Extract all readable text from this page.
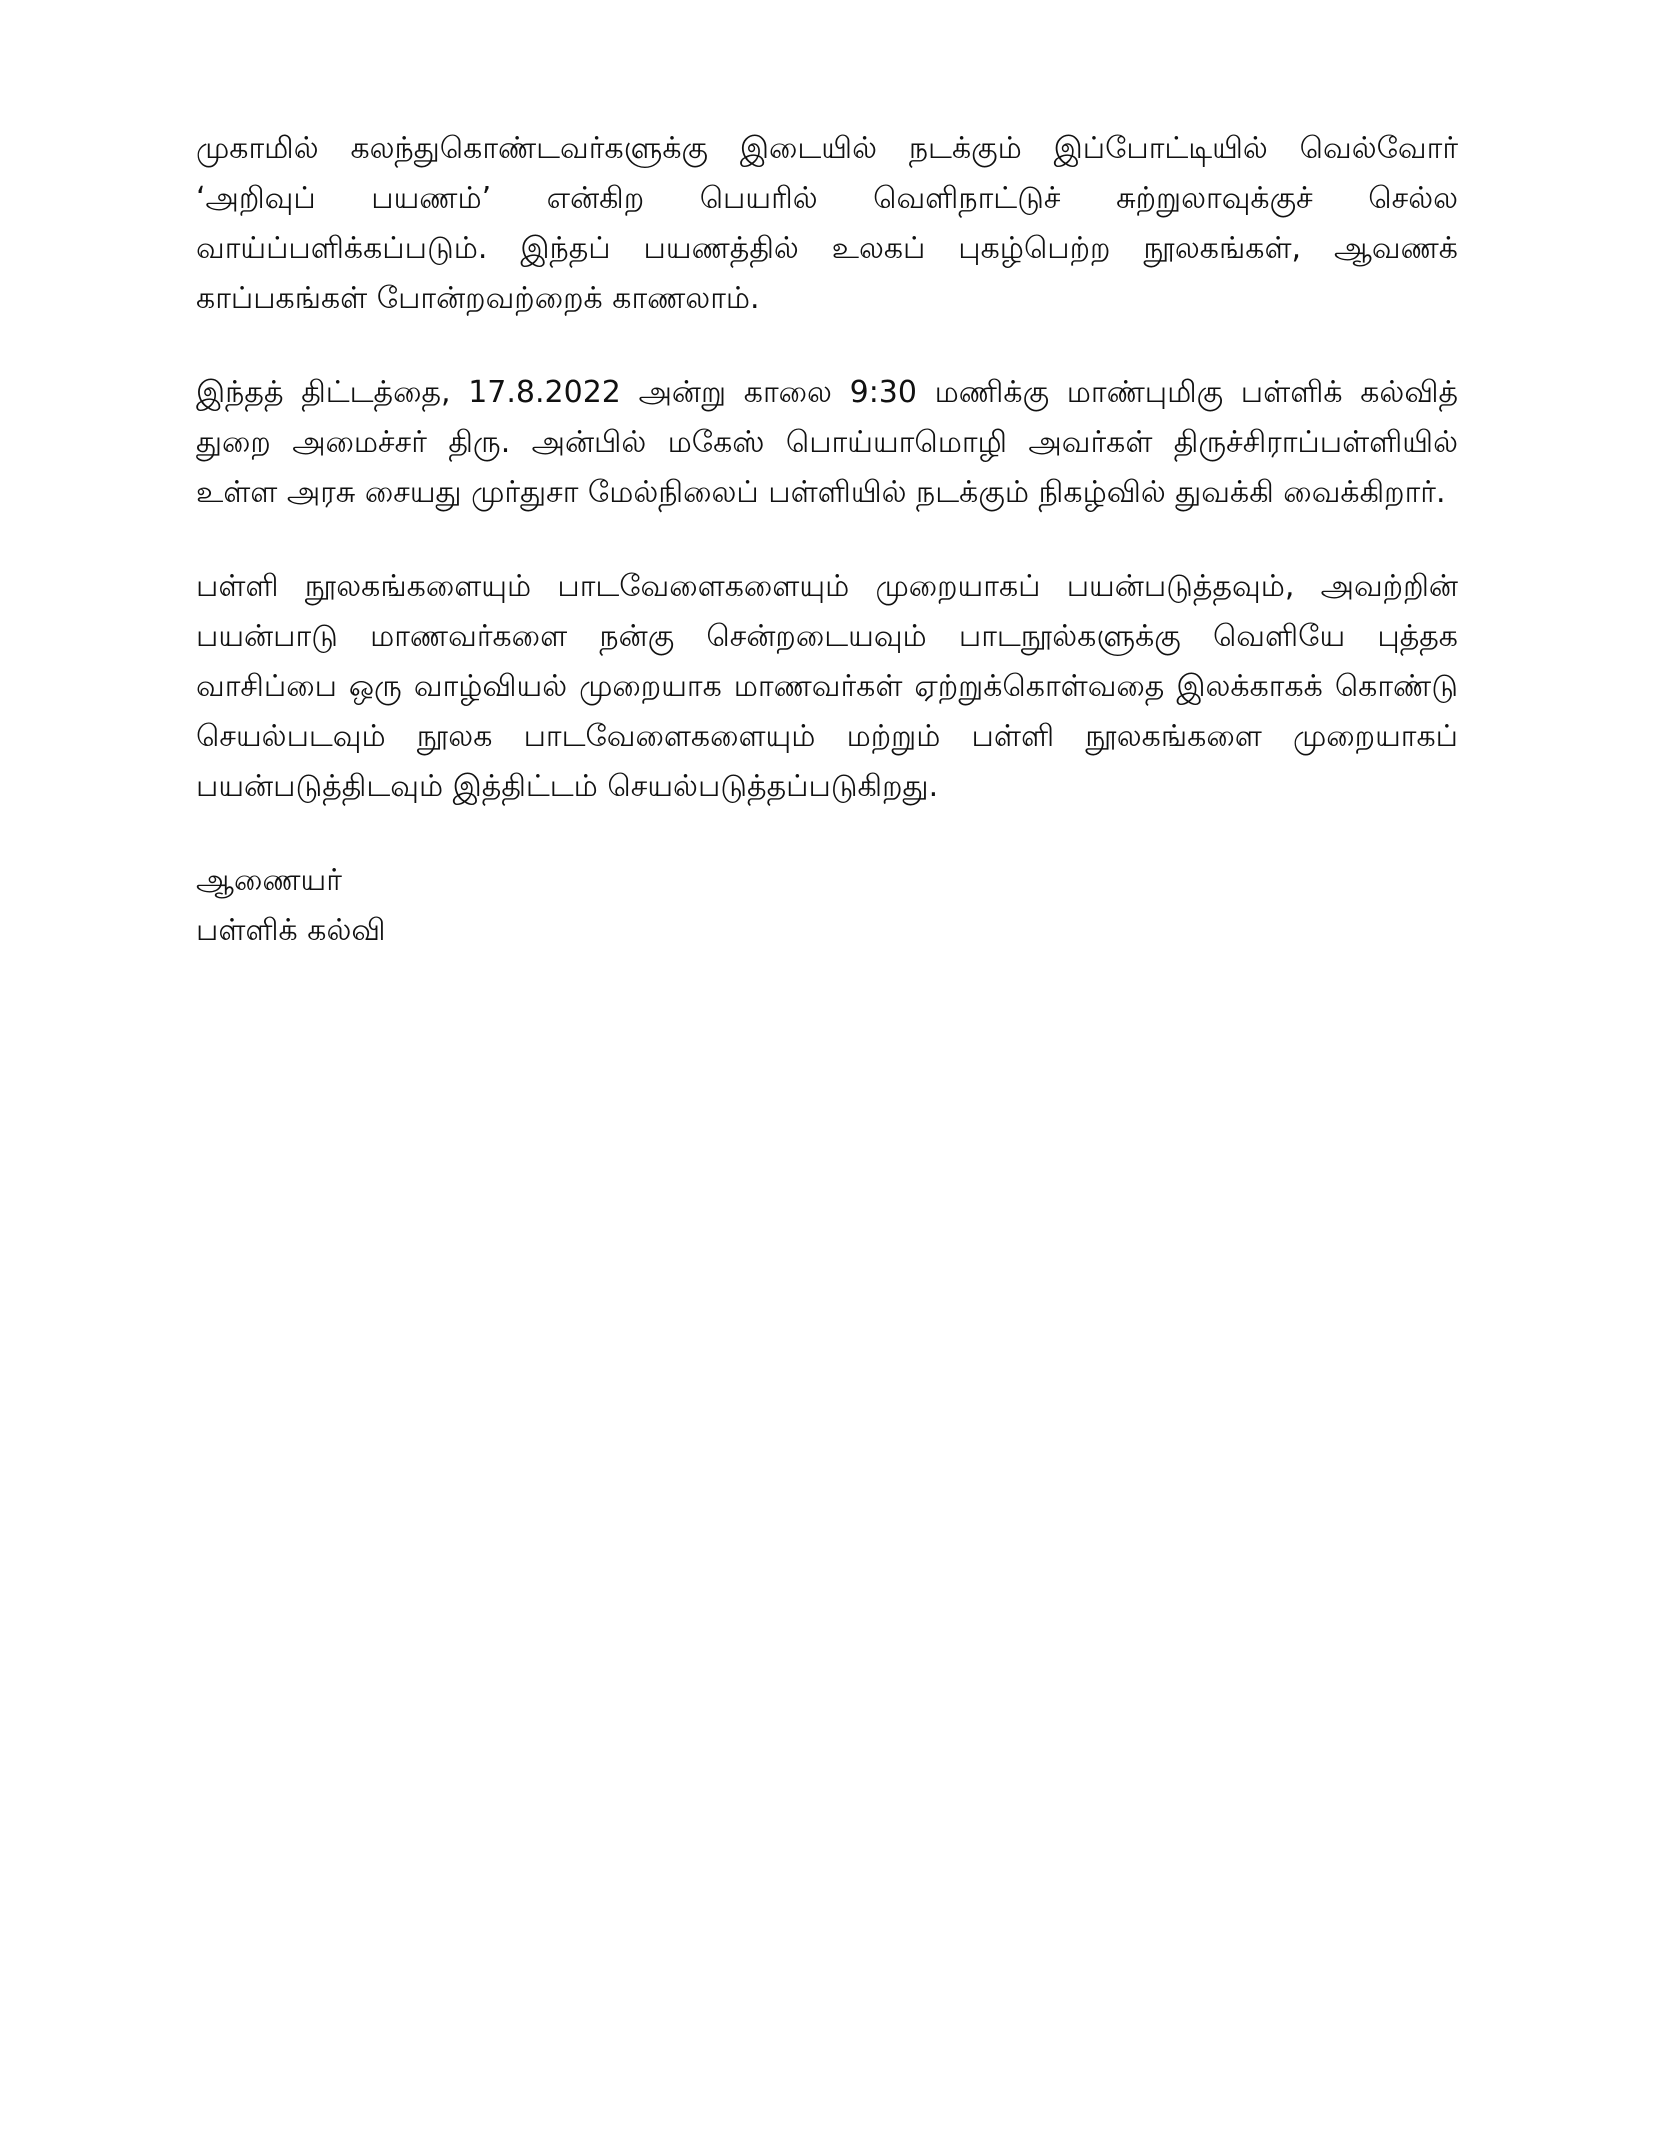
முகாமில் கலந்துகொண்டவர்களுக்கு இடையில் நடக்கும் இப்போட்டியில் வெல்வோர் ‘அறிவுப் பயணம்’ என்கிற பெயரில் வெளிநாட்டுச் சுற்றுலாவுக்குச் செல்ல வாய்ப்பளிக்கப்படும். இந்தப் பயணத்தில் உலகப் புகழ்பெற்ற நூலகங்கள், ஆவணக் காப்பகங்கள் போன்றவற்றைக் காணலாம்.

இந்தத் திட்டத்தை, 17.8.2022 அன்று காலை 9:30 மணிக்கு மாண்புமிகு பள்ளிக் கல்வித் துறை அமைச்சர் திரு. அன்பில் மகேஸ் பொய்யாமொழி அவர்கள் திருச்சிராப்பள்ளியில் உள்ள அரசு சையது முர்துசா மேல்நிலைப் பள்ளியில் நடக்கும் நிகழ்வில் துவக்கி வைக்கிறார்.

பள்ளி நூலகங்களையும் பாடவேளைகளையும் முறையாகப் பயன்படுத்தவும், அவற்றின் பயன்பாடு மாணவர்களை நன்கு சென்றடையவும் பாடநூல்களுக்கு வெளியே புத்தக வாசிப்பை ஒரு வாழ்வியல் முறையாக மாணவர்கள் ஏற்றுக்கொள்வதை இலக்காகக் கொண்டு செயல்படவும் நூலக பாடவேளைகளையும் மற்றும் பள்ளி நூலகங்களை முறையாகப் பயன்படுத்திடவும் இத்திட்டம் செயல்படுத்தப்படுகிறது.

ஆணையர்
பள்ளிக் கல்வி
